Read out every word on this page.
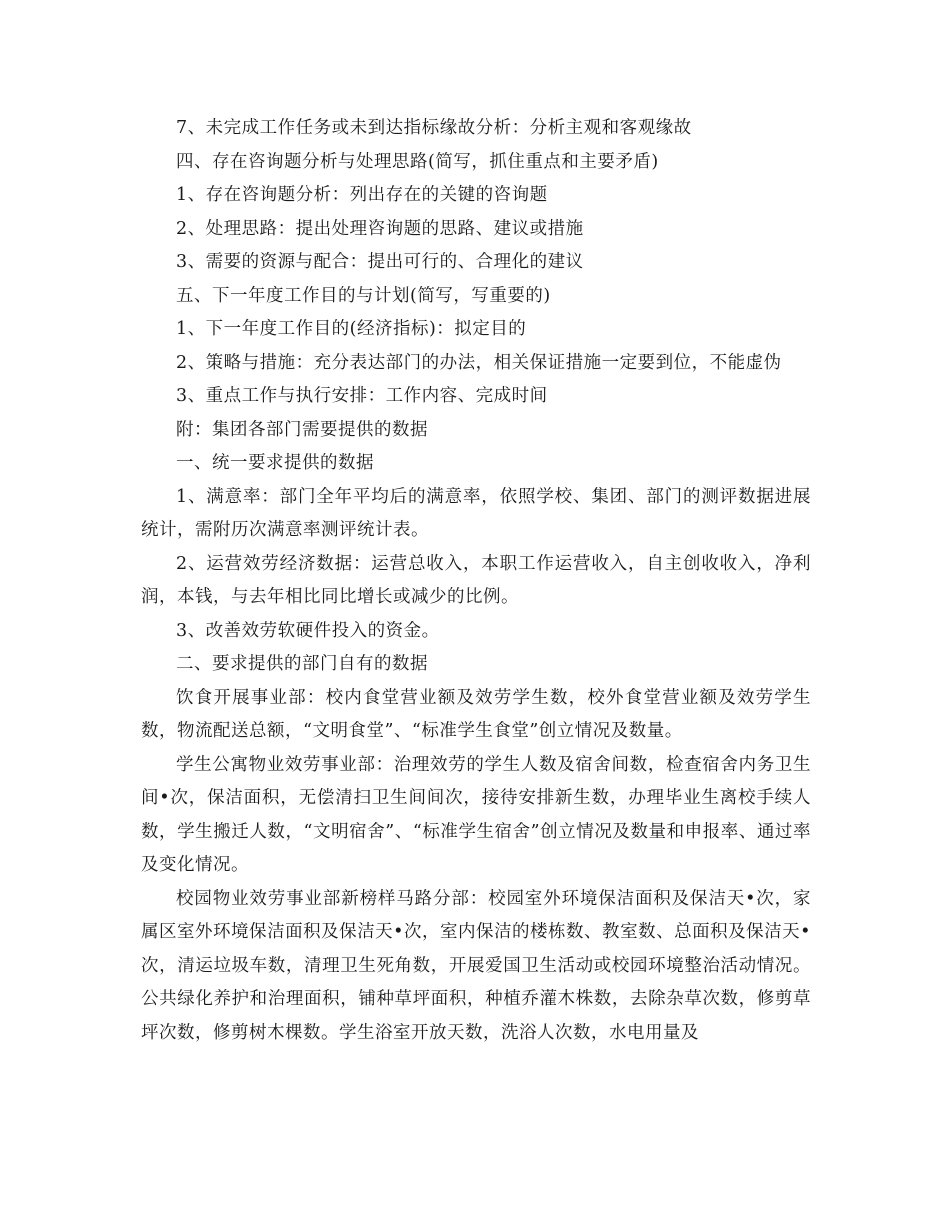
7、未完成工作任务或未到达指标缘故分析：分析主观和客观缘故

四、存在咨询题分析与处理思路(简写，抓住重点和主要矛盾)

1、存在咨询题分析：列出存在的关键的咨询题

2、处理思路：提出处理咨询题的思路、建议或措施

3、需要的资源与配合：提出可行的、合理化的建议

五、下一年度工作目的与计划(简写，写重要的)

1、下一年度工作目的(经济指标)：拟定目的

2、策略与措施：充分表达部门的办法，相关保证措施一定要到位，不能虚伪

3、重点工作与执行安排：工作内容、完成时间

附：集团各部门需要提供的数据

一、统一要求提供的数据

1、满意率：部门全年平均后的满意率，依照学校、集团、部门的测评数据进展统计，需附历次满意率测评统计表。

2、运营效劳经济数据：运营总收入，本职工作运营收入，自主创收收入，净利润，本钱，与去年相比同比增长或减少的比例。

3、改善效劳软硬件投入的资金。

二、要求提供的部门自有的数据

饮食开展事业部：校内食堂营业额及效劳学生数，校外食堂营业额及效劳学生数，物流配送总额，“文明食堂”、“标准学生食堂”创立情况及数量。

学生公寓物业效劳事业部：治理效劳的学生人数及宿舍间数，检查宿舍内务卫生间•次，保洁面积，无偿清扫卫生间间次，接待安排新生数，办理毕业生离校手续人数，学生搬迁人数，“文明宿舍”、“标准学生宿舍”创立情况及数量和申报率、通过率及变化情况。

校园物业效劳事业部新榜样马路分部：校园室外环境保洁面积及保洁天•次，家属区室外环境保洁面积及保洁天•次，室内保洁的楼栋数、教室数、总面积及保洁天•次，清运垃圾车数，清理卫生死角数，开展爱国卫生活动或校园环境整治活动情况。公共绿化养护和治理面积，铺种草坪面积，种植乔灌木株数，去除杂草次数，修剪草坪次数，修剪树木棵数。学生浴室开放天数，洗浴人次数，水电用量及
